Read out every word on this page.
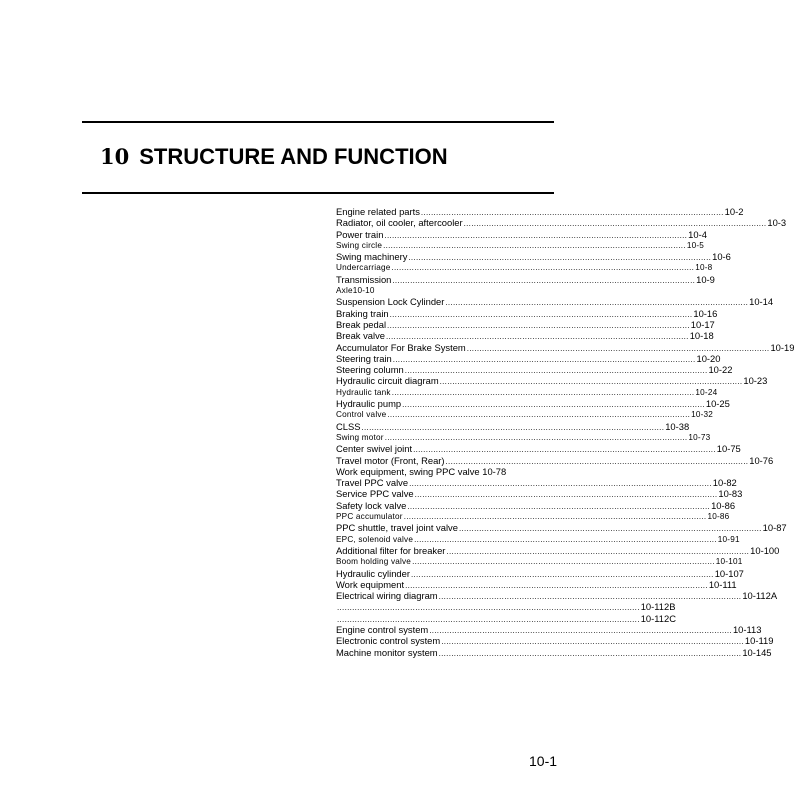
10 STRUCTURE AND FUNCTION
Engine related parts ........................................................................................................................ 10-2
Radiator, oil cooler, aftercooler ........................................................................................................................ 10-3
Power train ........................................................................................................................ 10-4
Swing circle ........................................................................................................................ 10-5
Swing machinery ........................................................................................................................ 10-6
Undercarriage ........................................................................................................................ 10-8
Transmission ........................................................................................................................ 10-9
Axle10-10
Suspension Lock Cylinder ........................................................................................................................ 10-14
Braking train ........................................................................................................................ 10-16
Break pedal ........................................................................................................................ 10-17
Break valve ........................................................................................................................ 10-18
Accumulator For Brake System ........................................................................................................................ 10-19
Steering train ........................................................................................................................ 10-20
Steering column ........................................................................................................................ 10-22
Hydraulic circuit diagram ........................................................................................................................ 10-23
Hydraulic tank ........................................................................................................................ 10-24
Hydraulic pump ........................................................................................................................ 10-25
Control valve ........................................................................................................................ 10-32
CLSS ........................................................................................................................ 10-38
Swing motor ........................................................................................................................ 10-73
Center swivel joint ........................................................................................................................ 10-75
Travel motor (Front, Rear) ........................................................................................................................ 10-76
Work equipment, swing PPC valve 10-78
Travel PPC valve ........................................................................................................................ 10-82
Service PPC valve ........................................................................................................................ 10-83
Safety lock valve ........................................................................................................................ 10-86
PPC accumulator ........................................................................................................................ 10-86
PPC shuttle, travel joint valve ........................................................................................................................ 10-87
EPC, solenoid valve ........................................................................................................................ 10-91
Additional filter for breaker ........................................................................................................................ 10-100
Boom holding valve ........................................................................................................................ 10-101
Hydraulic cylinder ........................................................................................................................ 10-107
Work equipment ........................................................................................................................ 10-111
Electrical wiring diagram ........................................................................................................................ 10-112A
........................................................................................................................ 10-112B
........................................................................................................................ 10-112C
Engine control system ........................................................................................................................ 10-113
Electronic control system ........................................................................................................................ 10-119
Machine monitor system ........................................................................................................................ 10-145
10-1
